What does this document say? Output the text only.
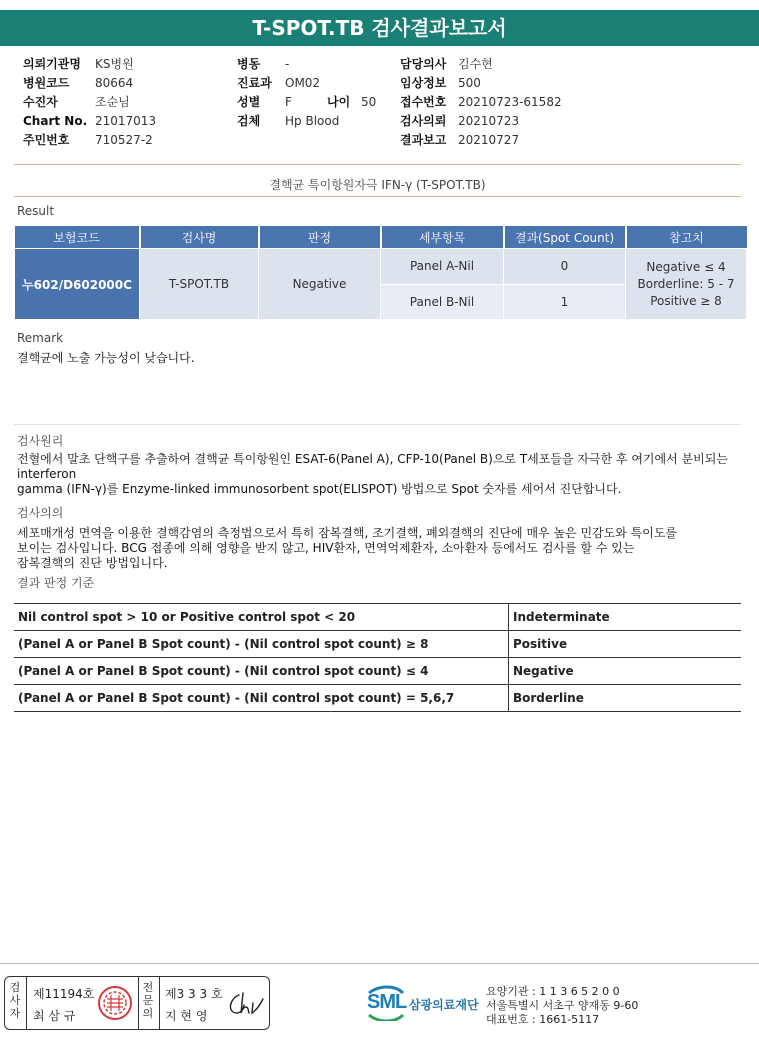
T-SPOT.TB 검사결과보고서
의뢰기관명 KS병원
병원코드 80664
수진자	조순님
Chart No. 21017013
주민번호 710527-2
병동 -
진료과 OM02
성별 F	나이 50
검체 Hp Blood
담당의사 김수현
임상정보 500
접수번호 20210723-61582
검사의뢰 20210723
결과보고 20210727
결핵균 특이항원자극 IFN-γ (T-SPOT.TB)
Result
보험코드	검사명	판정	세부항목	결과(Spot Count)	참고치
누602/D602000C	T-SPOT.TB	Negative	Panel A-Nil	0	Negative ≤ 4
Borderline: 5 - 7
Positive ≥ 8

			Panel B-Nil	1	
Remark
결핵균에 노출 가능성이 낮습니다.
검사원리
전혈에서 말초 단핵구를 추출하여 결핵균 특이항원인 ESAT-6(Panel A), CFP-10(Panel B)으로 T세포들을 자극한 후 여기에서 분비되는
interferon
gamma (IFN-γ)를 Enzyme-linked immunosorbent spot(ELISPOT) 방법으로 Spot 숫자를 세어서 진단합니다.
검사의의
세포매개성 면역을 이용한 결핵감염의 측정법으로서 특히 잠복결핵, 조기결핵, 폐외결핵의 진단에 매우 높은 민감도와 특이도를
보이는 검사입니다. BCG 접종에 의해 영향을 받지 않고, HIV환자, 면역억제환자, 소아환자 등에서도 검사를 할 수 있는
잠복결핵의 진단 방법입니다.
결과 판정 기준
Nil control spot > 10 or Positive control spot < 20	Indeterminate
(Panel A or Panel B Spot count) - (Nil control spot count) ≥ 8	Positive
(Panel A or Panel B Spot count) - (Nil control spot count) ≤ 4	Negative
(Panel A or Panel B Spot count) - (Nil control spot count) = 5,6,7	Borderline
검
사
자
제11194호
최 삼 규
전
문
의
제3 3 3 호
지 현 영
SML 삼광의료재단
요양기관 : 1 1 3 6 5 2 0 0
서울특별시 서초구 양재동 9-60
대표번호 : 1661-5117
